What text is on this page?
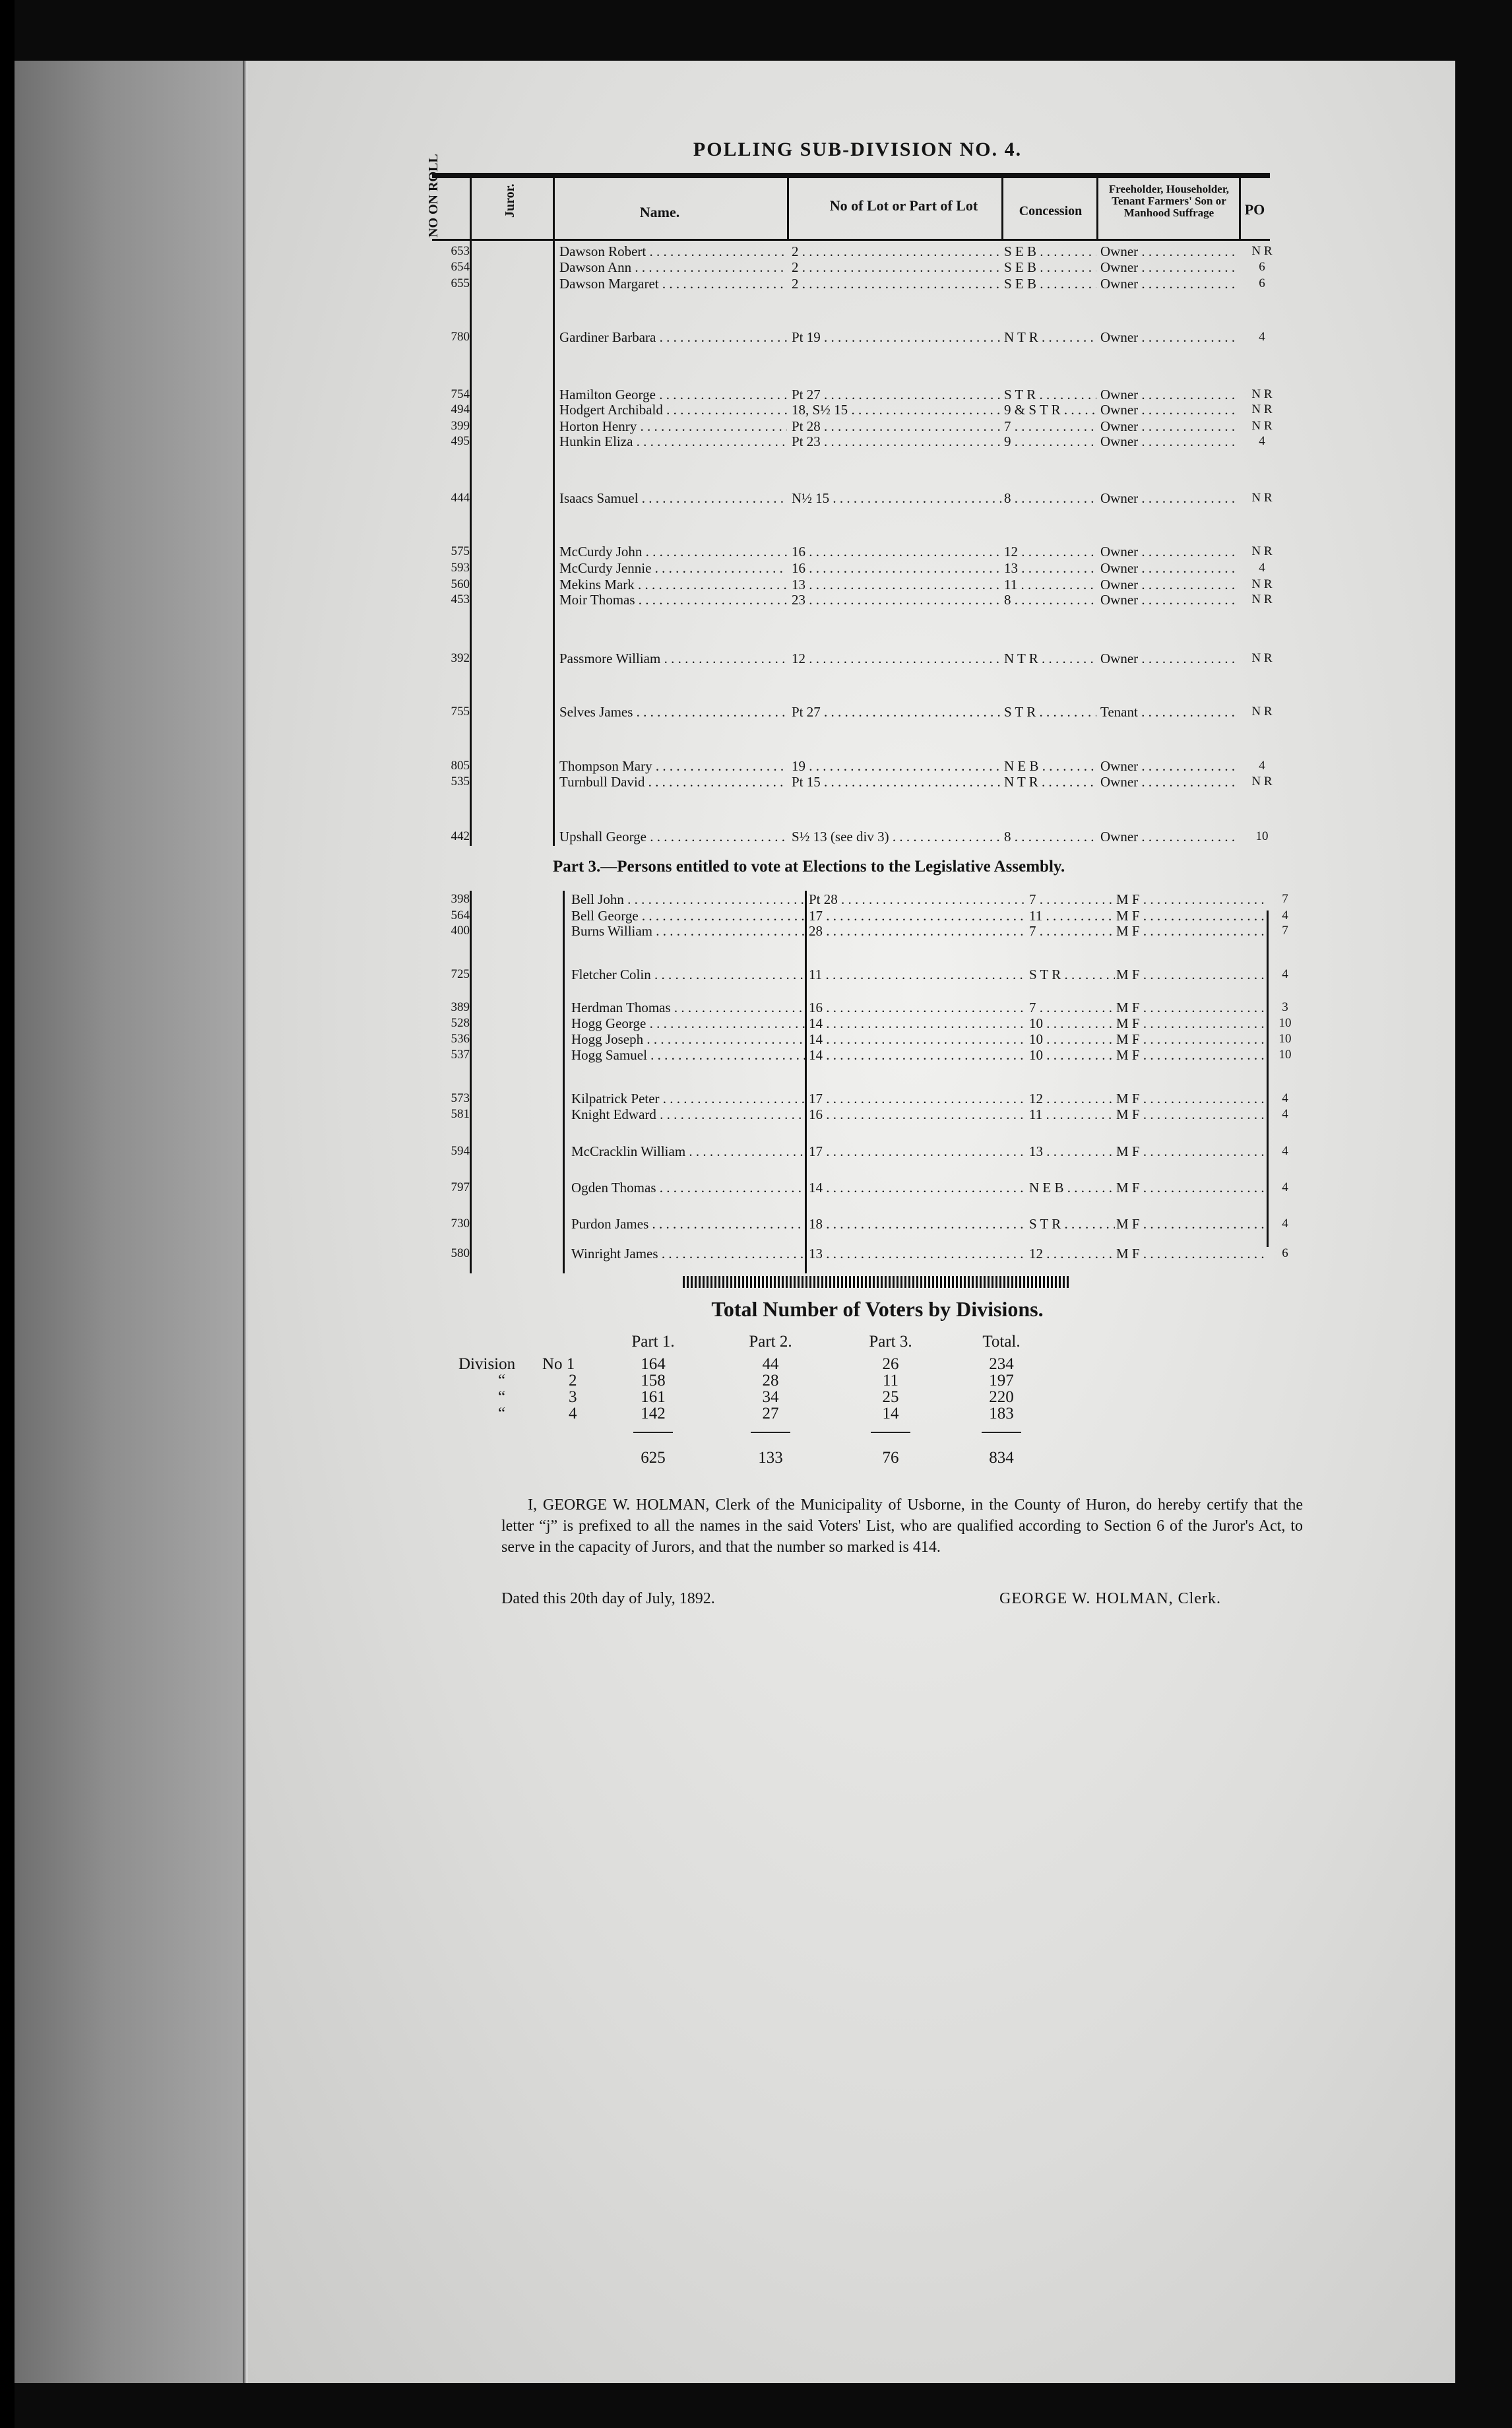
POLLING SUB-DIVISION NO. 4.
Juror.	Name.	No of Lot or Part of Lot	Concession
Freeholder, Householder, Tenant Farmers' Son or Manhood Suffrage	PO
653	Dawson Robert . . .	2 . . .	S E B . . .	Owner . . .	N R
654	Dawson Ann . . .	2 . . .	S E B . . .	Owner . . .	6
655	Dawson Margaret . . .	2 . . .	S E B . . .	Owner . . .	6
780	Gardiner Barbara . . .	Pt 19 . . .	N T R . . .	Owner . . .	4
754	Hamilton George . . .	Pt 27 . . .	S T R . . .	Owner . . .	N R
494	Hodgert Archibald . . .	18, S½ 15 . . .	9 & S T R . . .	Owner . . .	N R
399	Horton Henry . . .	Pt 28 . . .	7 . . .	Owner . . .	N R
495	Hunkin Eliza . . .	Pt 23 . . .	9 . . .	Owner . . .	4
444	Isaacs Samuel . . .	N½ 15 . . .	8 . . .	Owner . . .	N R
575	McCurdy John . . .	16 . . .	12 . . .	Owner . . .	N R
593	McCurdy Jennie . . .	16 . . .	13 . . .	Owner . . .	4
560	Mekins Mark . . .	13 . . .	11 . . .	Owner . . .	N R
453	Moir Thomas . . .	23 . . .	8 . . .	Owner . . .	N R
392	Passmore William . . .	12 . . .	N T R . . .	Owner . . .	N R
755	Selves James . . .	Pt 27 . . .	S T R . . .	Tenant . . .	N R
805	Thompson Mary . . .	19 . . .	N E B . . .	Owner . . .	4
535	Turnbull David . . .	Pt 15 . . .	N T R . . .	Owner . . .	N R
442	Upshall George . . .	S½ 13 (see div 3) . . .	8 . . .	Owner . . .	10
Part 3.—Persons entitled to vote at Elections to the Legislative Assembly.
398	Bell John . . .	Pt 28 . . .	7 . . .	M F . . .	7
564	Bell George . . .	17 . . .	11 . . .	M F . . .	4
400	Burns William . . .	28 . . .	7 . . .	M F . . .	7
725	Fletcher Colin . . .	11 . . .	S T R . . .	M F . . .	4
389	Herdman Thomas . . .	16 . . .	7 . . .	M F . . .	3
528	Hogg George . . .	14 . . .	10 . . .	M F . . .	10
536	Hogg Joseph . . .	14 . . .	10 . . .	M F . . .	10
537	Hogg Samuel . . .	14 . . .	10 . . .	M F . . .	10
573	Kilpatrick Peter . . .	17 . . .	12 . . .	M F . . .	4
581	Knight Edward . . .	16 . . .	11 . . .	M F . . .	4
594	McCracklin William . . .	17 . . .	13 . . .	M F . . .	4
797	Ogden Thomas . . .	14 . . .	N E B . . .	M F . . .	4
730	Purdon James . . .	18 . . .	S T R . . .	M F . . .	4
580	Winright James . . .	13 . . .	12 . . .	M F . . .	6
Total Number of Voters by Divisions.
Part 1.	Part 2.	Part 3.	Total.
Division No 1	164	44	26	234
“	2	158	28	11	197
“	3	161	34	25	220
“	4	142	27	14	183
625	133	76	834
I, GEORGE W. HOLMAN, Clerk of the Municipality of Usborne, in the County of Huron, do hereby certify that the letter “j” is prefixed to all the names in the said Voters' List, who are qualified according to Section 6 of the Juror's Act, to serve in the capacity of Jurors, and that the number so marked is 414.
Dated this 20th day of July, 1892.	GEORGE W. HOLMAN, Clerk.
